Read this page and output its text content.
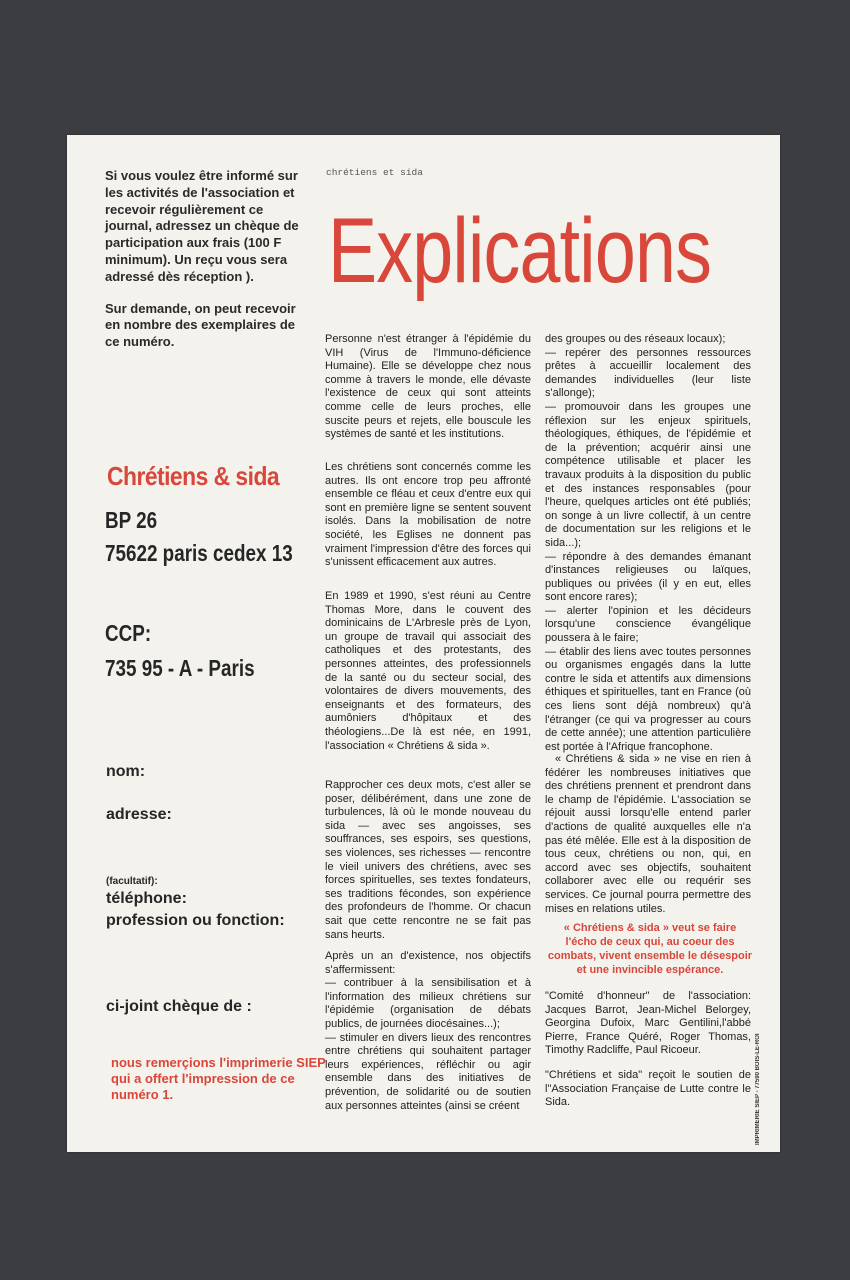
Si vous voulez être informé sur les activités de l'association et recevoir régulièrement ce journal, adressez un chèque de participation aux frais (100 F minimum). Un reçu vous sera adressé dès réception ).

Sur demande, on peut recevoir en nombre des exemplaires de ce numéro.

Chrétiens & sida
BP 26
75622 paris cedex 13
CCP:
735 95 - A - Paris
nom:
adresse:
(facultatif):
téléphone:
profession ou fonction:
ci-joint chèque de :
nous remerçions l'imprimerie SIEP qui a offert l'impression de ce numéro 1.
chrétiens et sida
Explications

Personne n'est étranger à l'épidémie du VIH (Virus de l'Immuno-déficience Humaine). Elle se développe chez nous comme à travers le monde, elle dévaste l'existence de ceux qui sont atteints comme celle de leurs proches, elle suscite peurs et rejets, elle bouscule les systèmes de santé et les institutions.

Les chrétiens sont concernés comme les autres. Ils ont encore trop peu affronté ensemble ce fléau et ceux d'entre eux qui sont en première ligne se sentent souvent isolés. Dans la mobilisation de notre société, les Eglises ne donnent pas vraiment l'impression d'être des forces qui s'unissent efficacement aux autres.

En 1989 et 1990, s'est réuni au Centre Thomas More, dans le couvent des dominicains de L'Arbresle près de Lyon, un groupe de travail qui associait des catholiques et des protestants, des personnes atteintes, des professionnels de la santé ou du secteur social, des volontaires de divers mouvements, des enseignants et des formateurs, des aumôniers d'hôpitaux et des théologiens...De là est née, en 1991, l'association « Chrétiens & sida ».

Rapprocher ces deux mots, c'est aller se poser, délibérément, dans une zone de turbulences, là où le monde nouveau du sida — avec ses angoisses, ses souffrances, ses espoirs, ses questions, ses violences, ses richesses — rencontre le vieil univers des chrétiens, avec ses forces spirituelles, ses textes fondateurs, ses traditions fécondes, son expérience des profondeurs de l'homme. Or chacun sait que cette rencontre ne se fait pas sans heurts.

Après un an d'existence, nos objectifs s'affermissent:

— contribuer à la sensibilisation et à l'information des milieux chrétiens sur l'épidémie (organisation de débats publics, de journées diocésaines...);

— stimuler en divers lieux des rencontres entre chrétiens qui souhaitent partager leurs expériences, réfléchir ou agir ensemble dans des initiatives de prévention, de solidarité ou de soutien aux personnes atteintes (ainsi se créent

des groupes ou des réseaux locaux);

— repérer des personnes ressources prêtes à accueillir localement des demandes individuelles (leur liste s'allonge);

— promouvoir dans les groupes une réflexion sur les enjeux spirituels, théologiques, éthiques, de l'épidémie et de la prévention; acquérir ainsi une compétence utilisable et placer les travaux produits à la disposition du public et des instances responsables (pour l'heure, quelques articles ont été publiés; on songe à un livre collectif, à un centre de documentation sur les religions et le sida...);

— répondre à des demandes émanant d'instances religieuses ou laïques, publiques ou privées (il y en eut, elles sont encore rares);

— alerter l'opinion et les décideurs lorsqu'une conscience évangélique poussera à le faire;

— établir des liens avec toutes personnes ou organismes engagés dans la lutte contre le sida et attentifs aux dimensions éthiques et spirituelles, tant en France (où ces liens sont déjà nombreux) qu'à l'étranger (ce qui va progresser au cours de cette année); une attention particulière est portée à l'Afrique francophone.

« Chrétiens & sida » ne vise en rien à fédérer les nombreuses initiatives que des chrétiens prennent et prendront dans le champ de l'épidémie. L'association se réjouit aussi lorsqu'elle entend parler d'actions de qualité auxquelles elle n'a pas été mêlée. Elle est à la disposition de tous ceux, chrétiens ou non, qui, en accord avec ses objectifs, souhaitent collaborer avec elle ou requérir ses services. Ce journal pourra permettre des mises en relations utiles.

« Chrétiens & sida » veut se faire l'écho de ceux qui, au coeur des combats, vivent ensemble le désespoir et une invincible espérance.

"Comité d'honneur" de l'association: Jacques Barrot, Jean-Michel Belorgey, Georgina Dufoix, Marc Gentilini,l'abbé Pierre, France Quéré, Roger Thomas, Timothy Radcliffe, Paul Ricoeur.

"Chrétiens et sida" reçoit le soutien de l"Association Française de Lutte contre le Sida.	IMPRIMERIE SIEP - 77590 BOIS-LE-ROI
